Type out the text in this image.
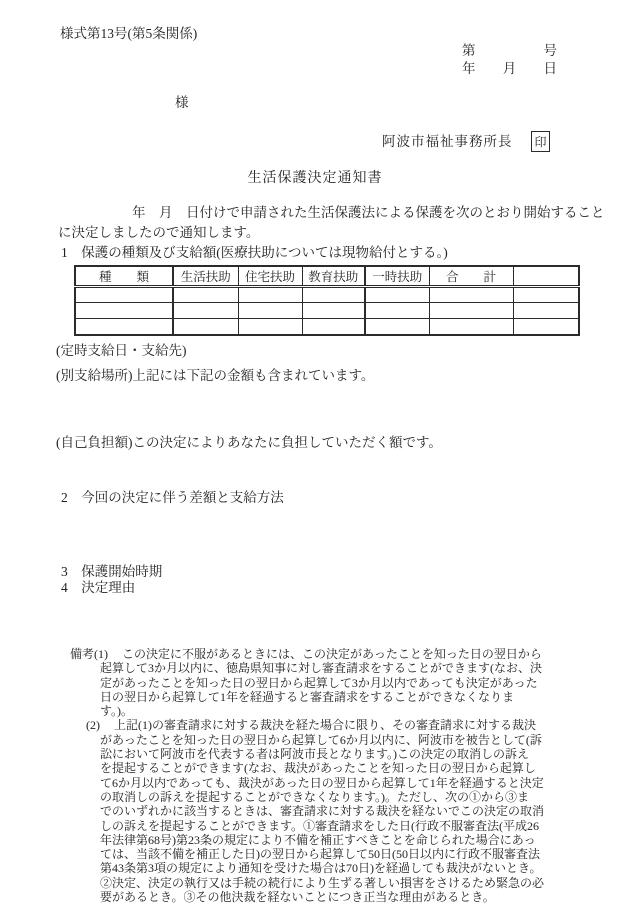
様式第13号(第5条関係)
第	号
年 月 日
様
阿波市福祉事務所長 印
生活保護決定通知書
年　月　日付けで申請された生活保護法による保護を次のとおり開始すること
に決定しましたので通知します。
1　保護の種類及び支給額(医療扶助については現物給付とする。)
種　　類	生活扶助	住宅扶助	教育扶助	一時扶助	合　　計	

(定時支給日・支給先)
(別支給場所)上記には下記の金額も含まれています。
(自己負担額)この決定によりあなたに負担していただく額です。
2　今回の決定に伴う差額と支給方法
3　保護開始時期
4　決定理由
備考(1) この決定に不服があるときには、この決定があったことを知った日の翌日から
起算して3か月以内に、徳島県知事に対し審査請求をすることができます(なお、決
定があったことを知った日の翌日から起算して3か月以内であっても決定があった
日の翌日から起算して1年を経過すると審査請求をすることができなくなりま
す。)。
(2) 上記(1)の審査請求に対する裁決を経た場合に限り、その審査請求に対する裁決
があったことを知った日の翌日から起算して6か月以内に、阿波市を被告として(訴
訟において阿波市を代表する者は阿波市長となります。)この決定の取消しの訴え
を提起することができます(なお、裁決があったことを知った日の翌日から起算し
て6か月以内であっても、裁決があった日の翌日から起算して1年を経過すると決定
の取消しの訴えを提起することができなくなります。)。ただし、次の①から③ま
でのいずれかに該当するときは、審査請求に対する裁決を経ないでこの決定の取消
しの訴えを提起することができます。①審査請求をした日(行政不服審査法(平成26
年法律第68号)第23条の規定により不備を補正すべきことを命じられた場合にあっ
ては、当該不備を補正した日)の翌日から起算して50日(50日以内に行政不服審査法
第43条第3項の規定により通知を受けた場合は70日)を経過しても裁決がないとき。
②決定、決定の執行又は手続の続行により生ずる著しい損害をさけるため緊急の必
要があるとき。③その他決裁を経ないことにつき正当な理由があるとき。
